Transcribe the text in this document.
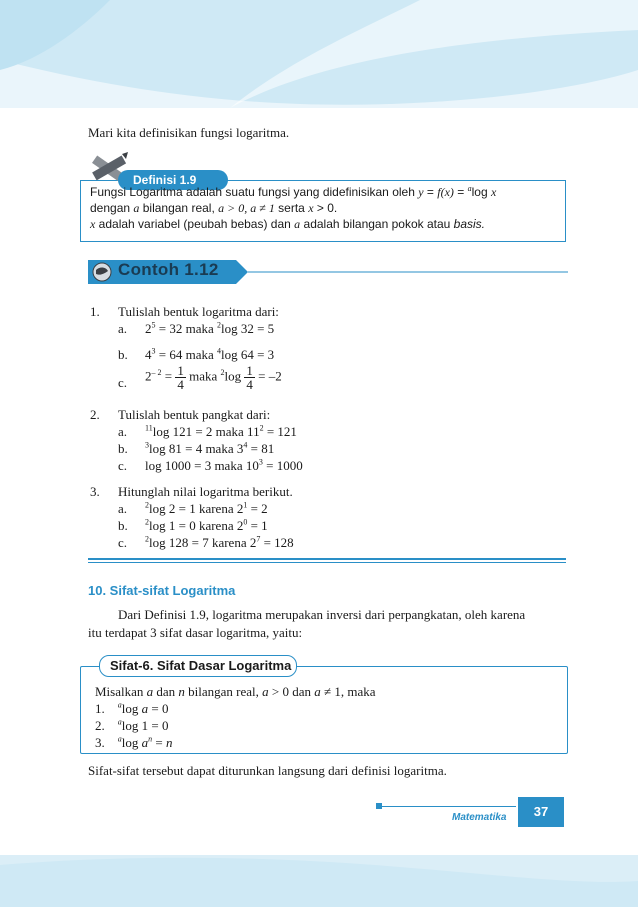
Mari kita definisikan fungsi logaritma.
Definisi 1.9
Fungsi Logaritma adalah suatu fungsi yang didefinisikan oleh y = f(x) = $^a$log x
dengan a bilangan real, a > 0, a ≠ 1 serta x > 0.
x adalah variabel (peubah bebas) dan a adalah bilangan pokok atau basis.
Contoh 1.12
1. Tulislah bentuk logaritma dari:
a. $2^5 = 32$ maka $^2$log 32 = 5
b. $4^3 = 64$ maka $^4$log 64 = 3
c. $2^{- 2} = \frac{1}{4}$ maka $^2\log \frac{1}{4} = -2$
2. Tulislah bentuk pangkat dari:
a. $^{11}$log 121 = 2 maka $11^2 = 121$
b. $^3$log 81 = 4 maka $3^4 = 81$
c. log 1000 = 3 maka $10^3 = 1000$
3. Hitunglah nilai logaritma berikut.
a. $^2$log 2 = 1 karena $2^1 = 2$
b. $^2$log 1 = 0 karena $2^0 = 1$
c. $^2$log 128 = 7 karena $2^7 = 128$
10. Sifat-sifat Logaritma
Dari Definisi 1.9, logaritma merupakan inversi dari perpangkatan, oleh karena
itu terdapat 3 sifat dasar logaritma, yaitu:
Sifat-6. Sifat Dasar Logaritma
Misalkan a dan n bilangan real, a > 0 dan a ≠ 1, maka
1. $^a$log a = 0
2. $^a$log 1 = 0
3. $^a$log $a^n = n$
Sifat-sifat tersebut dapat diturunkan langsung dari definisi logaritma.
Matematika	37
